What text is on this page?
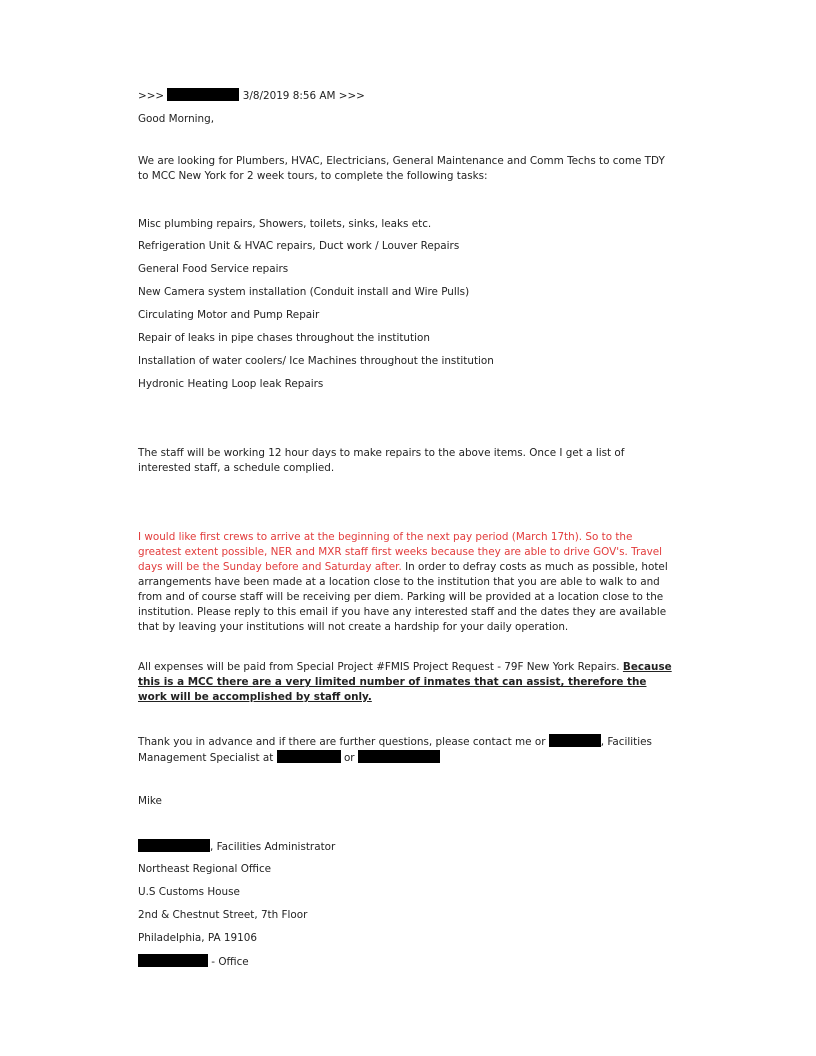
>>>	3/8/2019 8:56 AM >>>
Good Morning,
We are looking for Plumbers, HVAC, Electricians, General Maintenance and Comm Techs to come TDY to MCC New York for 2 week tours, to complete the following tasks:
Misc plumbing repairs, Showers, toilets, sinks, leaks etc.
Refrigeration Unit & HVAC repairs, Duct work / Louver Repairs
General Food Service repairs
New Camera system installation (Conduit install and Wire Pulls)
Circulating Motor and Pump Repair
Repair of leaks in pipe chases throughout the institution
Installation of water coolers/ Ice Machines throughout the institution
Hydronic Heating Loop leak Repairs
The staff will be working 12 hour days to make repairs to the above items. Once I get a list of interested staff, a schedule complied.
I would like first crews to arrive at the beginning of the next pay period (March 17th). So to the greatest extent possible, NER and MXR staff first weeks because they are able to drive GOV's. Travel days will be the Sunday before and Saturday after. In order to defray costs as much as possible, hotel arrangements have been made at a location close to the institution that you are able to walk to and from and of course staff will be receiving per diem. Parking will be provided at a location close to the institution. Please reply to this email if you have any interested staff and the dates they are available that by leaving your institutions will not create a hardship for your daily operation.
All expenses will be paid from Special Project #FMIS Project Request - 79F New York Repairs. Because this is a MCC there are a very limited number of inmates that can assist, therefore the work will be accomplished by staff only.
Thank you in advance and if there are further questions, please contact me or	, Facilities Management Specialist at	or
Mike
, Facilities Administrator
Northeast Regional Office
U.S Customs House
2nd & Chestnut Street, 7th Floor
Philadelphia, PA 19106
- Office
